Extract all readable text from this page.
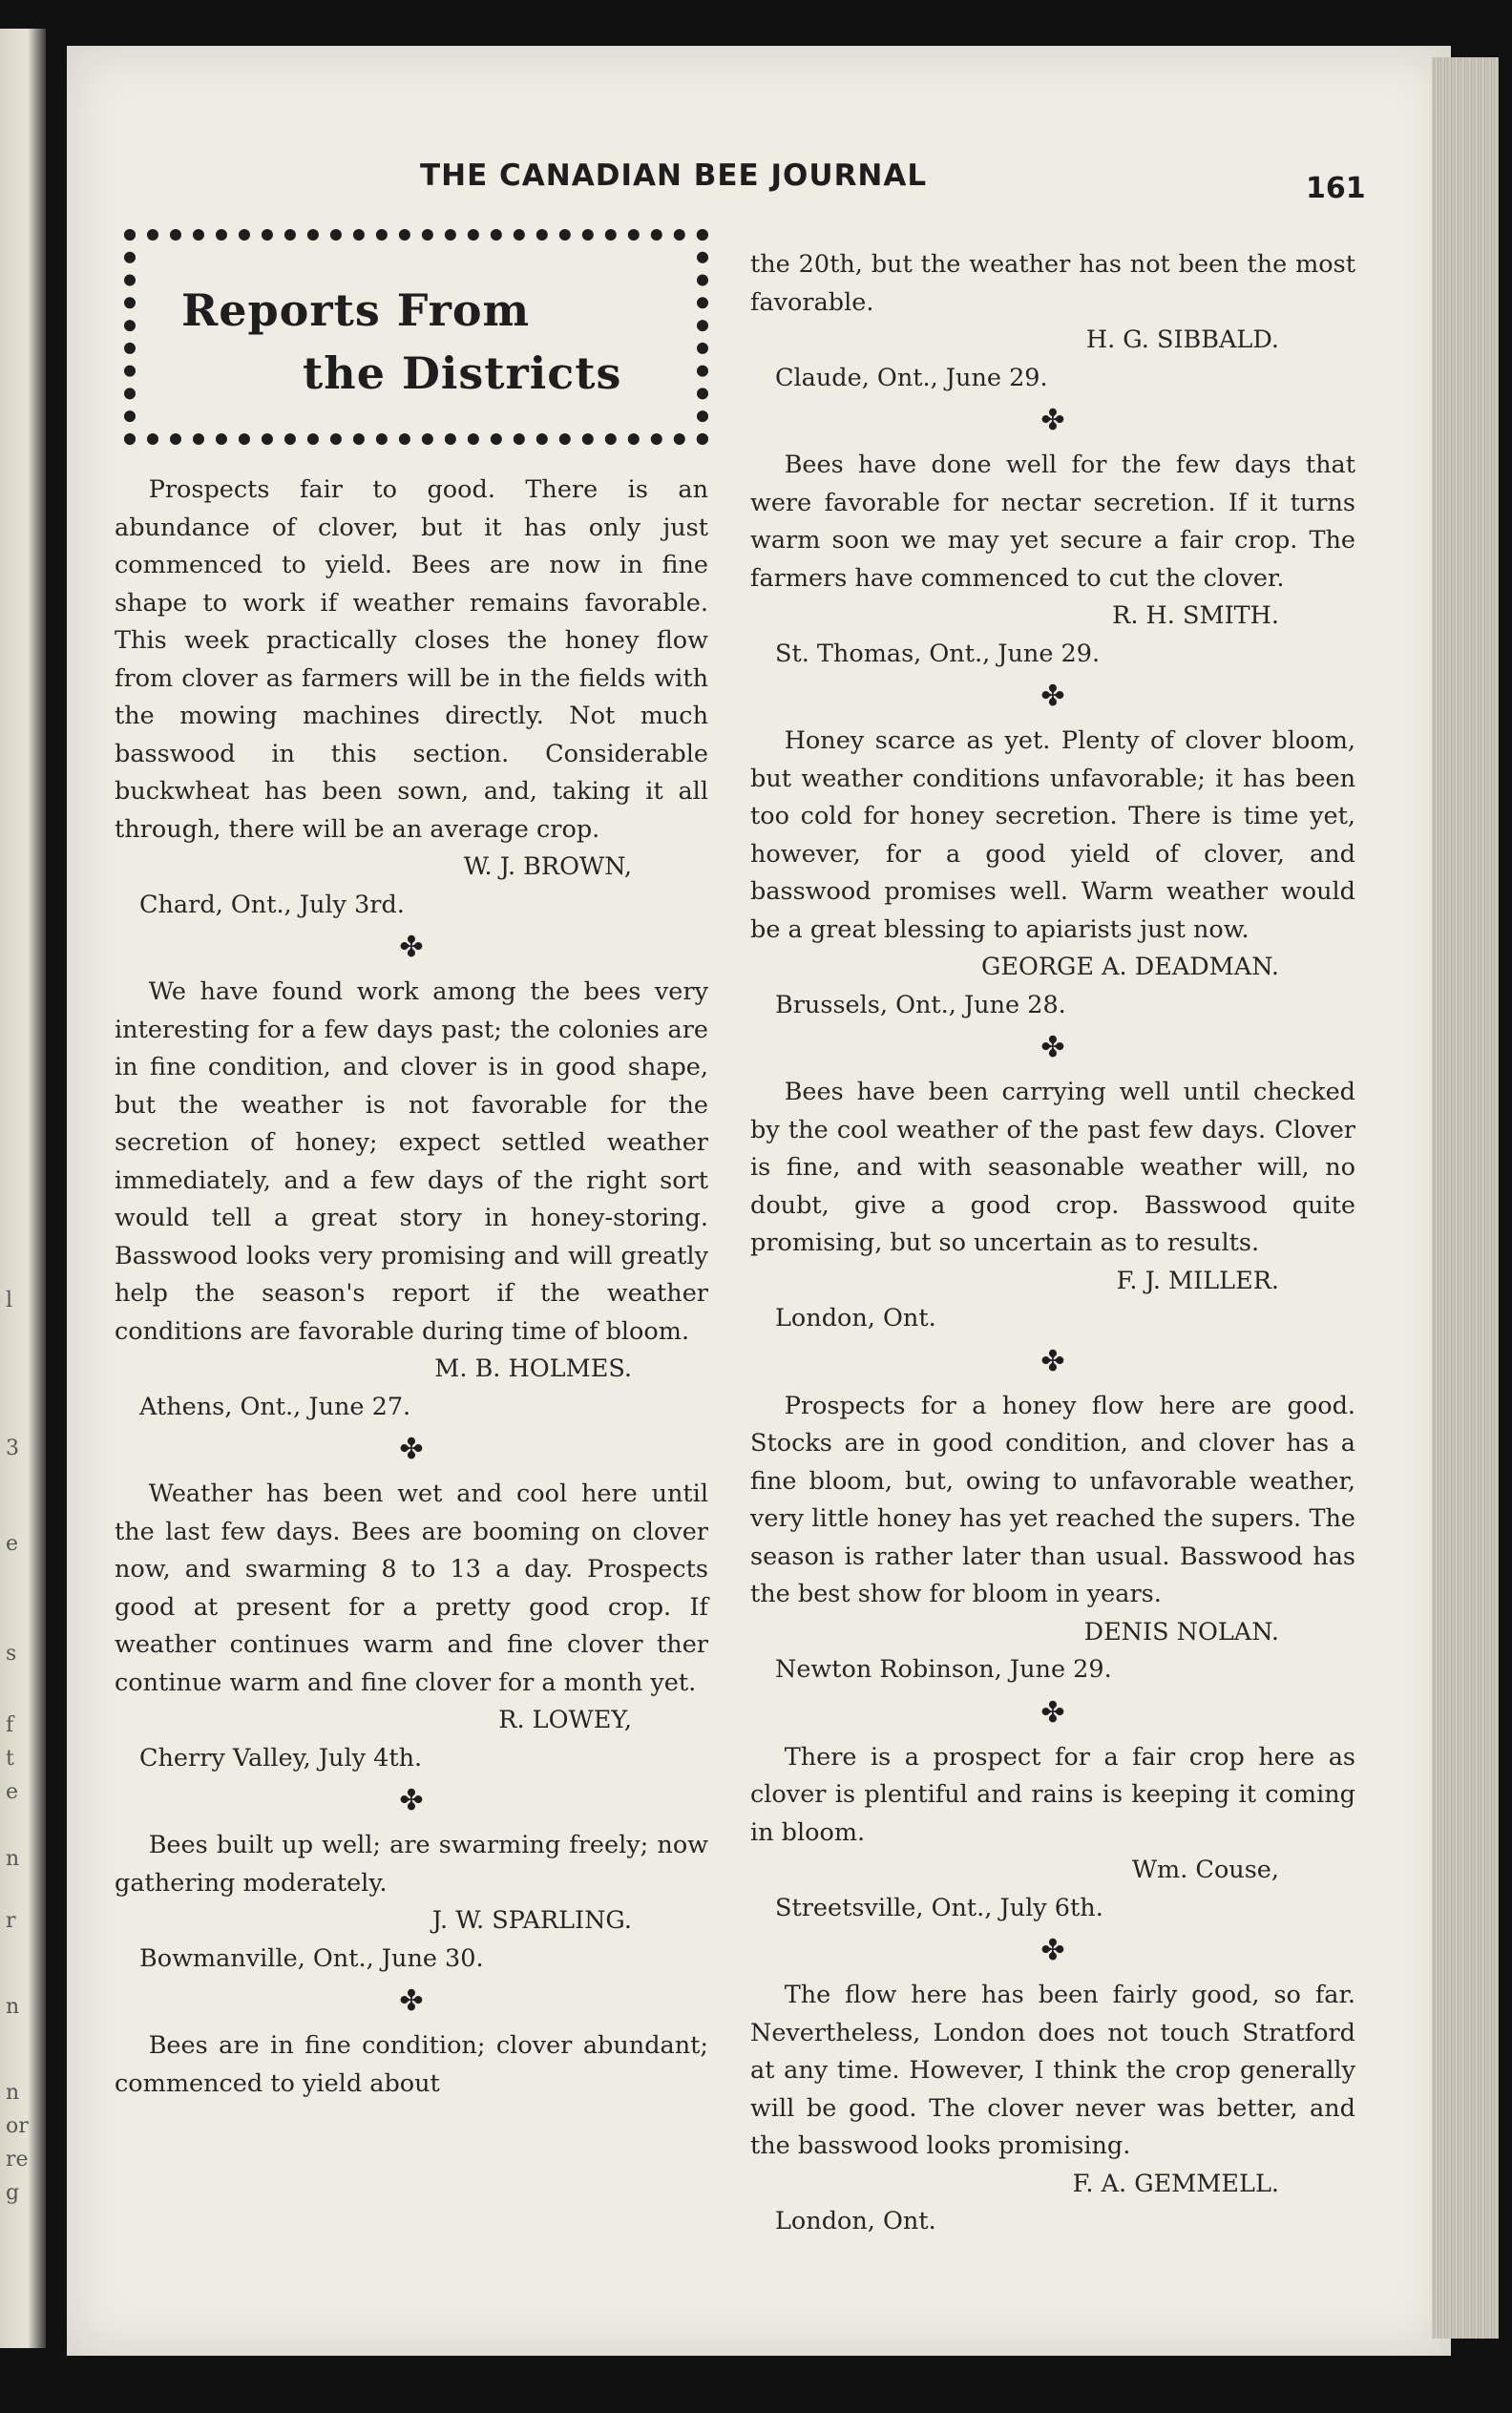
l
3
e
s
f
t
e
n
r
n
n
or
re
g
THE CANADIAN BEE JOURNAL	161
Reports From
the Districts

Prospects fair to good. There is an abundance of clover, but it has only just commenced to yield. Bees are now in fine shape to work if weather remains favorable. This week practically closes the honey flow from clover as farmers will be in the fields with the mowing machines directly. Not much basswood in this section. Considerable buckwheat has been sown, and, taking it all through, there will be an average crop.

W. J. BROWN,
Chard, Ont., July 3rd.
✤

We have found work among the bees very interesting for a few days past; the colonies are in fine condition, and clover is in good shape, but the weather is not favorable for the secretion of honey; expect settled weather immediately, and a few days of the right sort would tell a great story in honey-storing. Basswood looks very promising and will greatly help the season's report if the weather conditions are favorable during time of bloom.

M. B. HOLMES.
Athens, Ont., June 27.
✤

Weather has been wet and cool here until the last few days. Bees are booming on clover now, and swarming 8 to 13 a day. Prospects good at present for a pretty good crop. If weather continues warm and fine clover ther continue warm and fine clover for a month yet.

R. LOWEY,
Cherry Valley, July 4th.
✤

Bees built up well; are swarming freely; now gathering moderately.

J. W. SPARLING.
Bowmanville, Ont., June 30.
✤

Bees are in fine condition; clover abundant; commenced to yield about

the 20th, but the weather has not been the most favorable.

H. G. SIBBALD.
Claude, Ont., June 29.
✤

Bees have done well for the few days that were favorable for nectar secretion. If it turns warm soon we may yet secure a fair crop. The farmers have commenced to cut the clover.

R. H. SMITH.
St. Thomas, Ont., June 29.
✤

Honey scarce as yet. Plenty of clover bloom, but weather conditions unfavorable; it has been too cold for honey secretion. There is time yet, however, for a good yield of clover, and basswood promises well. Warm weather would be a great blessing to apiarists just now.

GEORGE A. DEADMAN.
Brussels, Ont., June 28.
✤

Bees have been carrying well until checked by the cool weather of the past few days. Clover is fine, and with seasonable weather will, no doubt, give a good crop. Basswood quite promising, but so uncertain as to results.

F. J. MILLER.
London, Ont.
✤

Prospects for a honey flow here are good. Stocks are in good condition, and clover has a fine bloom, but, owing to unfavorable weather, very little honey has yet reached the supers. The season is rather later than usual. Basswood has the best show for bloom in years.

DENIS NOLAN.
Newton Robinson, June 29.
✤

There is a prospect for a fair crop here as clover is plentiful and rains is keeping it coming in bloom.

Wm. Couse,
Streetsville, Ont., July 6th.
✤

The flow here has been fairly good, so far. Nevertheless, London does not touch Stratford at any time. However, I think the crop generally will be good. The clover never was better, and the basswood looks promising.

F. A. GEMMELL.
London, Ont.
